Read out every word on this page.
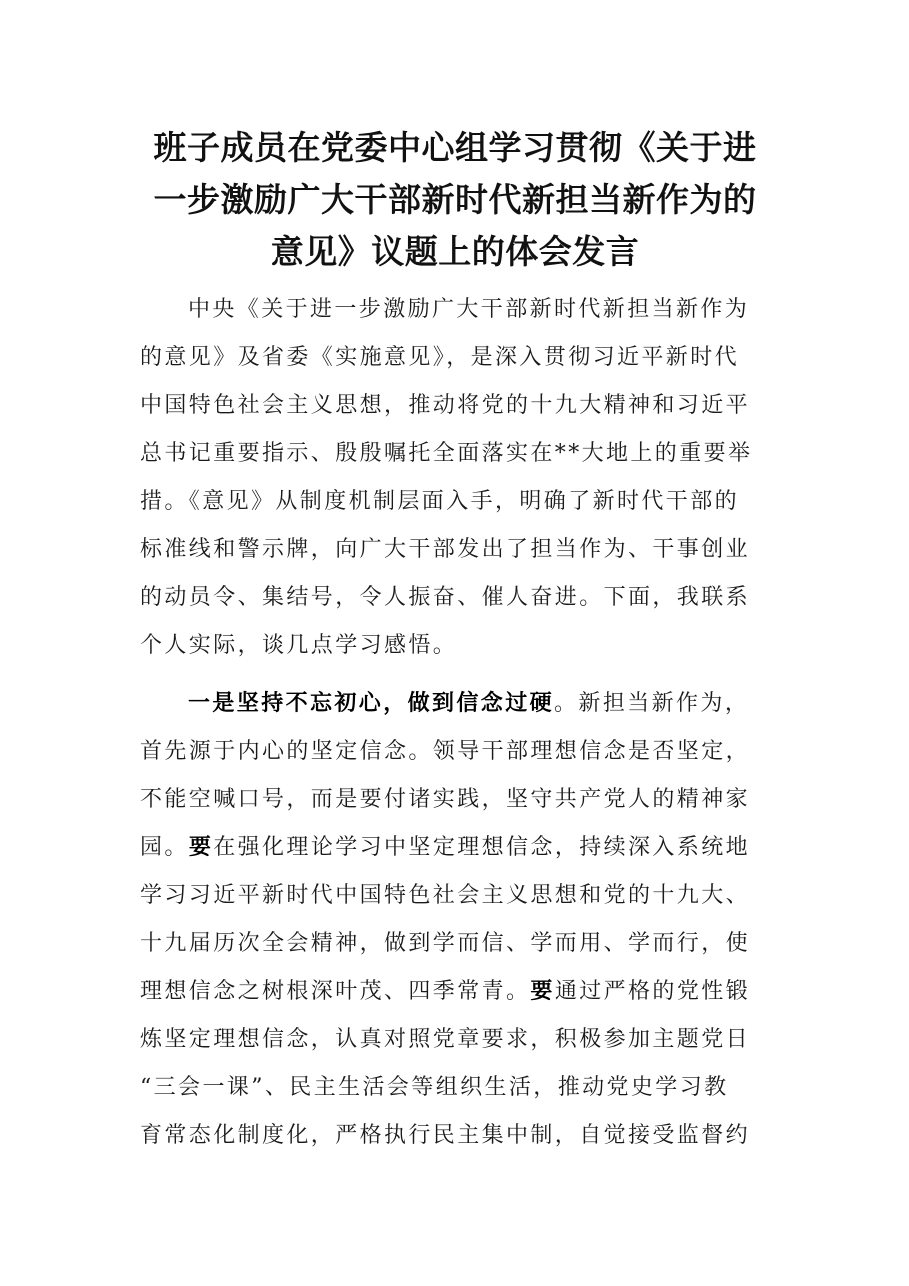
班子成员在党委中心组学习贯彻《关于进
一步激励广大干部新时代新担当新作为的
意见》议题上的体会发言
中央《关于进一步激励广大干部新时代新担当新作为
的意见》及省委《实施意见》，是深入贯彻习近平新时代
中国特色社会主义思想，推动将党的十九大精神和习近平
总书记重要指示、殷殷嘱托全面落实在**大地上的重要举
措。《意见》从制度机制层面入手，明确了新时代干部的
标准线和警示牌，向广大干部发出了担当作为、干事创业
的动员令、集结号，令人振奋、催人奋进。下面，我联系
个人实际，谈几点学习感悟。
一是坚持不忘初心，做到信念过硬。新担当新作为，
首先源于内心的坚定信念。领导干部理想信念是否坚定，
不能空喊口号，而是要付诸实践，坚守共产党人的精神家
园。要在强化理论学习中坚定理想信念，持续深入系统地
学习习近平新时代中国特色社会主义思想和党的十九大、
十九届历次全会精神，做到学而信、学而用、学而行，使
理想信念之树根深叶茂、四季常青。要通过严格的党性锻
炼坚定理想信念，认真对照党章要求，积极参加主题党日
“三会一课”、民主生活会等组织生活，推动党史学习教
育常态化制度化，严格执行民主集中制，自觉接受监督约
